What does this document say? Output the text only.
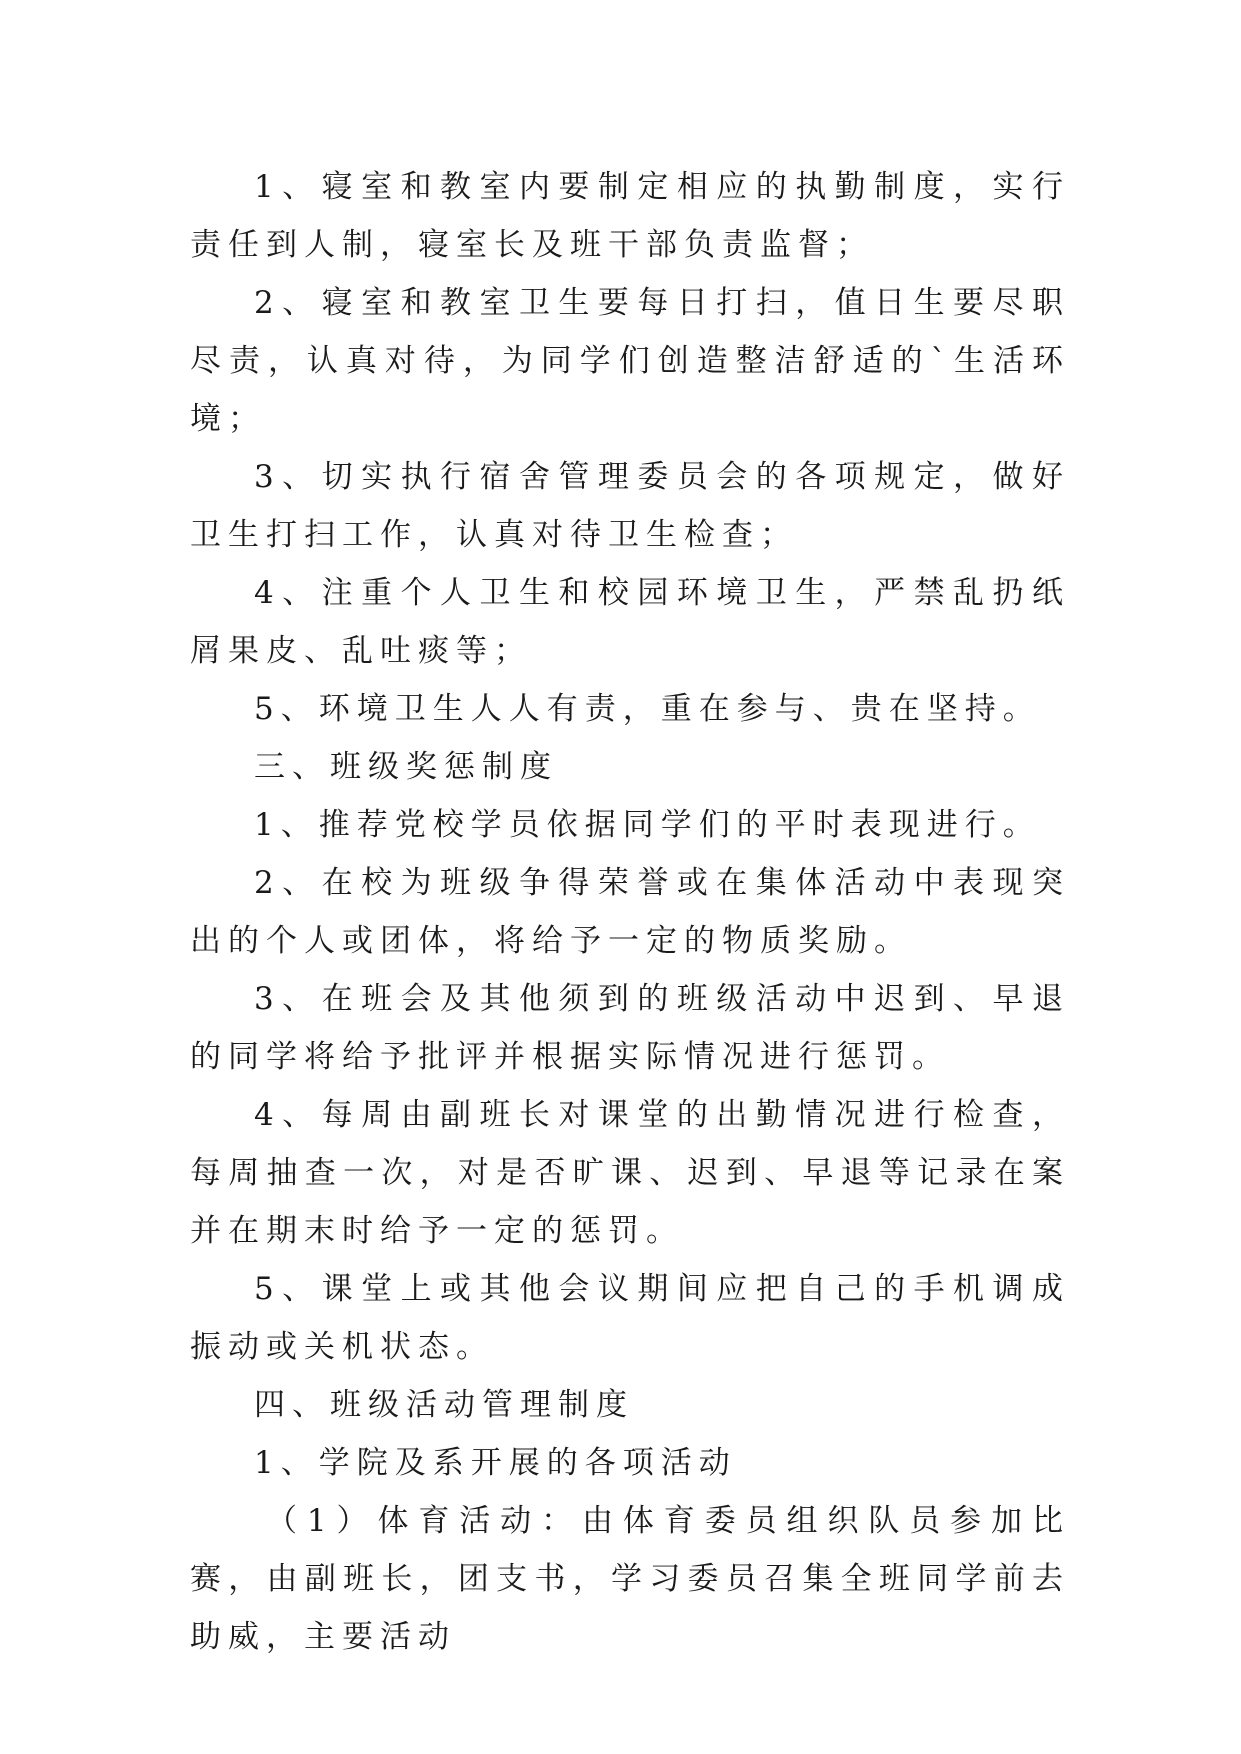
1、寝室和教室内要制定相应的执勤制度，实行责任到人制，寝室长及班干部负责监督；

2、寝室和教室卫生要每日打扫，值日生要尽职尽责，认真对待，为同学们创造整洁舒适的`生活环境；

3、切实执行宿舍管理委员会的各项规定，做好卫生打扫工作，认真对待卫生检查；

4、注重个人卫生和校园环境卫生，严禁乱扔纸屑果皮、乱吐痰等；

5、环境卫生人人有责，重在参与、贵在坚持。

三、班级奖惩制度

1、推荐党校学员依据同学们的平时表现进行。

2、在校为班级争得荣誉或在集体活动中表现突出的个人或团体，将给予一定的物质奖励。

3、在班会及其他须到的班级活动中迟到、早退的同学将给予批评并根据实际情况进行惩罚。

4、每周由副班长对课堂的出勤情况进行检查，每周抽查一次，对是否旷课、迟到、早退等记录在案并在期末时给予一定的惩罚。

5、课堂上或其他会议期间应把自己的手机调成振动或关机状态。

四、班级活动管理制度

1、学院及系开展的各项活动

（1）体育活动：由体育委员组织队员参加比赛，由副班长，团支书，学习委员召集全班同学前去助威，主要活动
